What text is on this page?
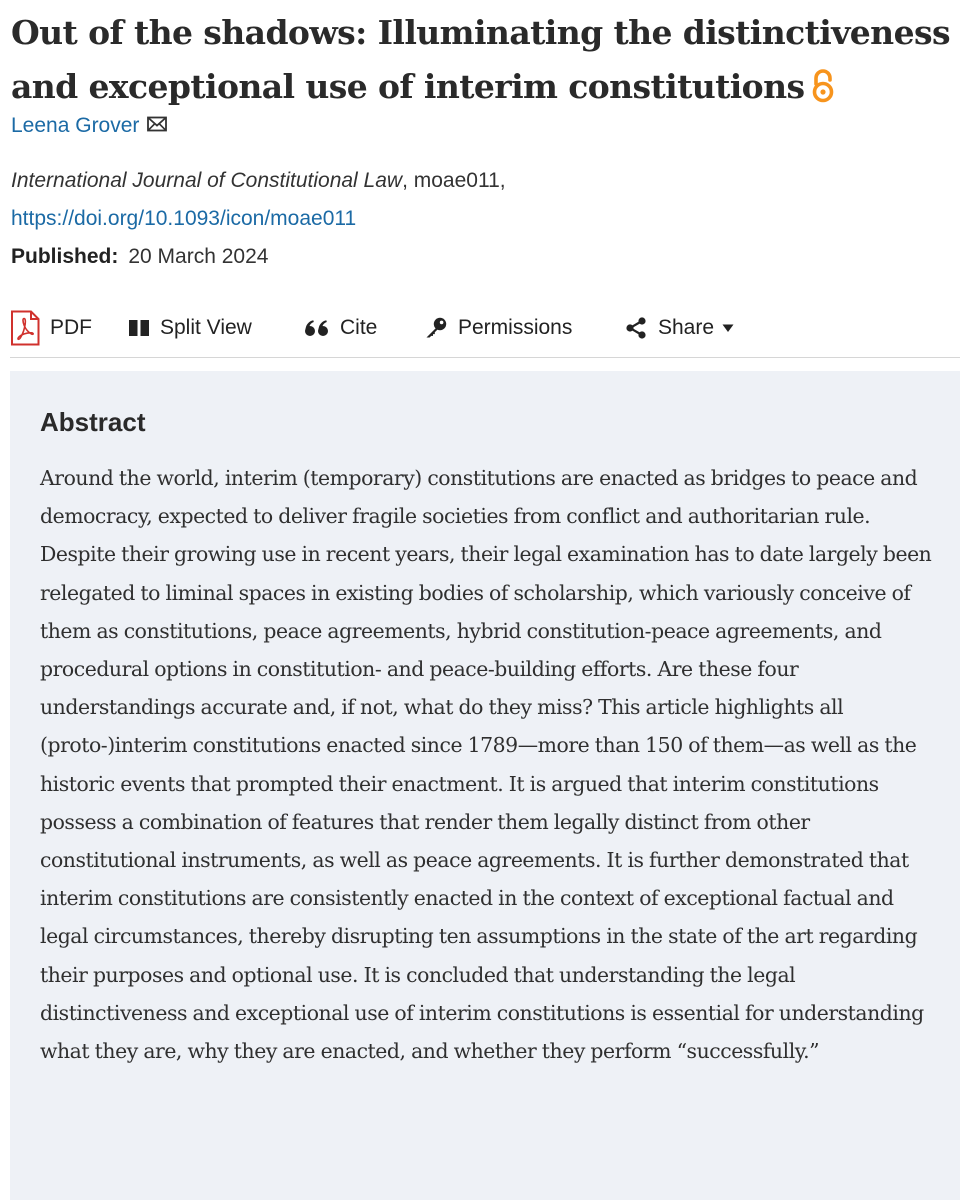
Out of the shadows: Illuminating the distinctiveness and exceptional use of interim constitutions
Leena Grover
International Journal of Constitutional Law, moae011,
https://doi.org/10.1093/icon/moae011
Published: 20 March 2024
PDF	Split View	Cite	Permissions	Share
Abstract

Around the world, interim (temporary) constitutions are enacted as bridges to peace and democracy, expected to deliver fragile societies from conflict and authoritarian rule. Despite their growing use in recent years, their legal examination has to date largely been relegated to liminal spaces in existing bodies of scholarship, which variously conceive of them as constitutions, peace agreements, hybrid constitution-peace agreements, and procedural options in constitution- and peace-building efforts. Are these four understandings accurate and, if not, what do they miss? This article highlights all (proto-)interim constitutions enacted since 1789—more than 150 of them—as well as the historic events that prompted their enactment. It is argued that interim constitutions possess a combination of features that render them legally distinct from other constitutional instruments, as well as peace agreements. It is further demonstrated that interim constitutions are consistently enacted in the context of exceptional factual and legal circumstances, thereby disrupting ten assumptions in the state of the art regarding their purposes and optional use. It is concluded that understanding the legal distinctiveness and exceptional use of interim constitutions is essential for understanding what they are, why they are enacted, and whether they perform “successfully.”
